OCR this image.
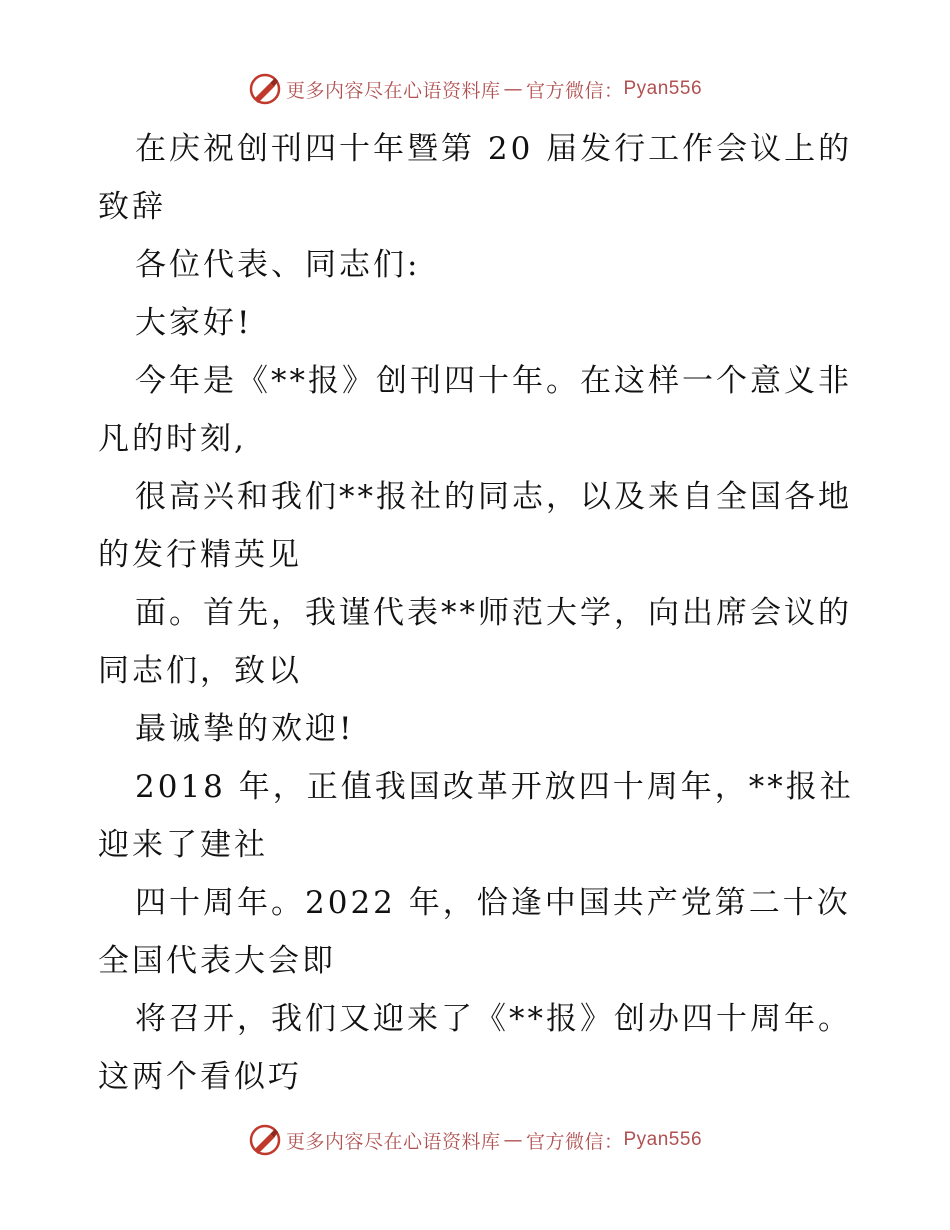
更多内容尽在心语资料库 — 官方微信： Pyan556
在庆祝创刊四十年暨第 20 届发行工作会议上的
致辞
各位代表、同志们:
大家好!
今年是《**报》创刊四十年。在这样一个意义非
凡的时刻,
很高兴和我们**报社的同志，以及来自全国各地
的发行精英见
面。首先，我谨代表**师范大学，向出席会议的
同志们，致以
最诚挚的欢迎!
2018 年，正值我国改革开放四十周年，**报社
迎来了建社
四十周年。2022 年，恰逢中国共产党第二十次
全国代表大会即
将召开，我们又迎来了《**报》创办四十周年。
这两个看似巧
更多内容尽在心语资料库 — 官方微信： Pyan556
